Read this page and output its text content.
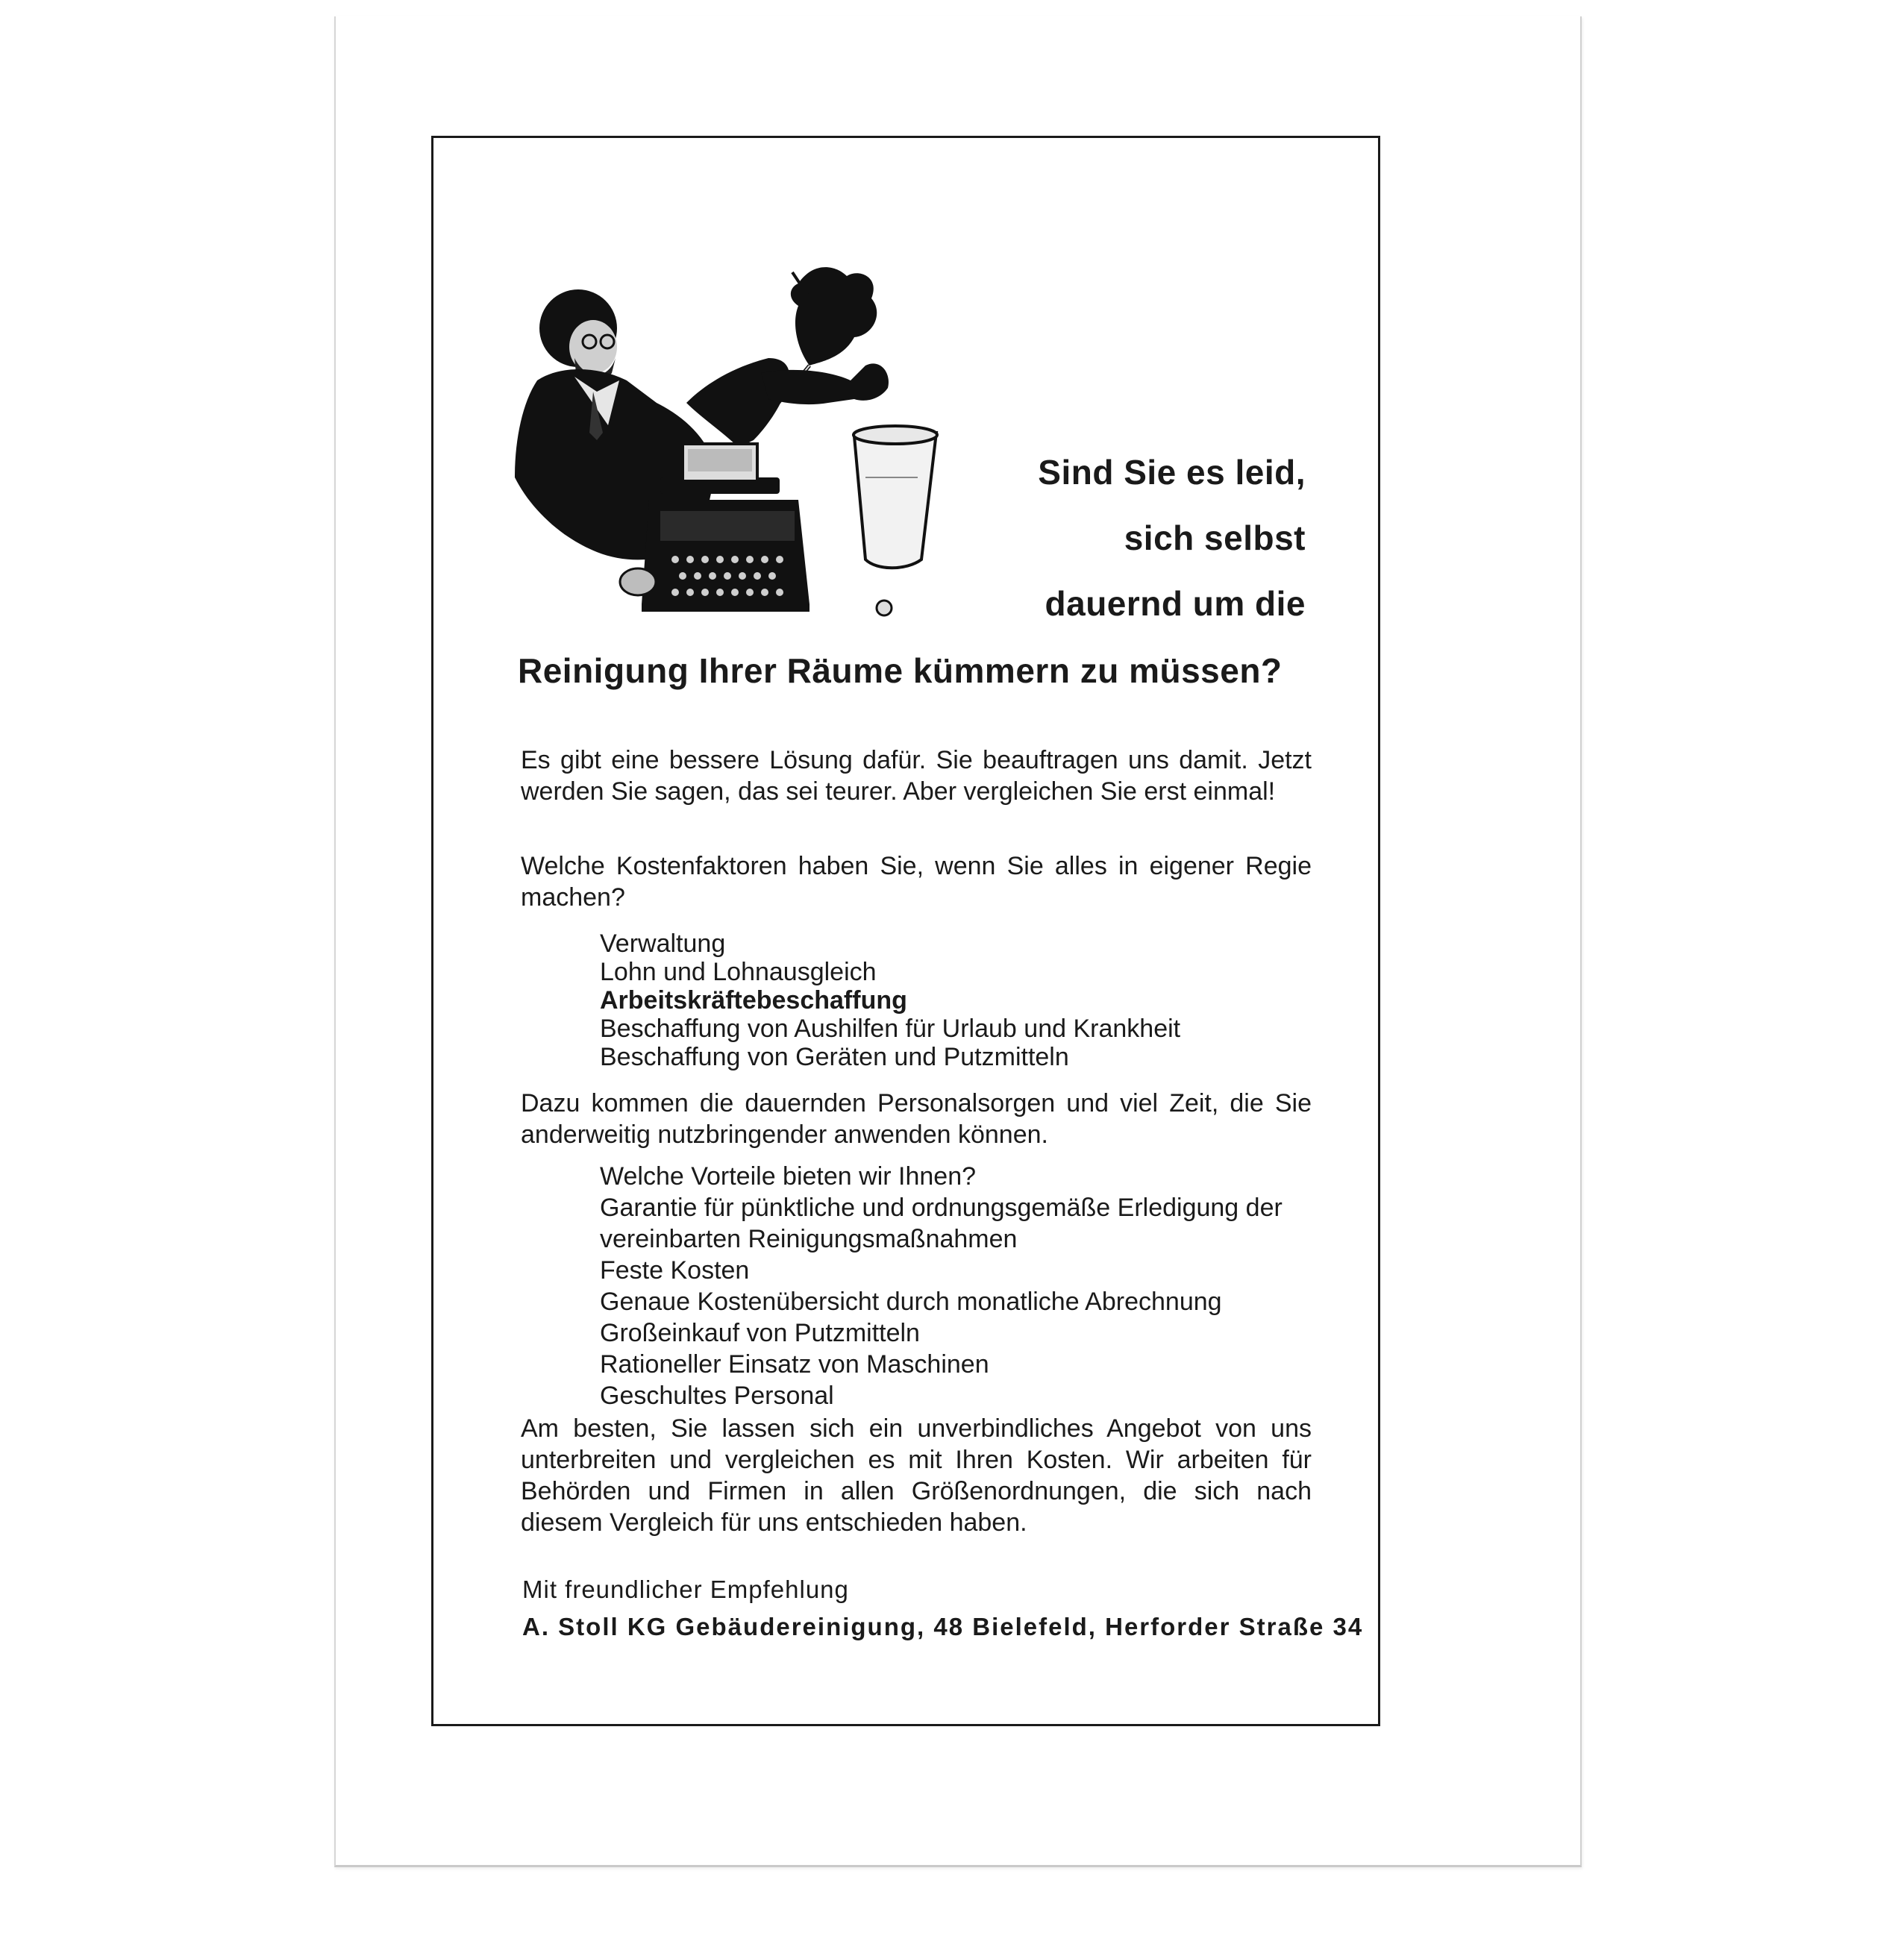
Sind Sie es leid,
sich selbst
dauernd um die
Reinigung Ihrer Räume kümmern zu müssen?

Es gibt eine bessere Lösung dafür. Sie beauftragen uns damit. Jetzt werden Sie sagen, das sei teurer. Aber vergleichen Sie erst einmal!

Welche Kostenfaktoren haben Sie, wenn Sie alles in eigener Regie machen?

Verwaltung
Lohn und Lohnausgleich
Arbeitskräftebeschaffung
Beschaffung von Aushilfen für Urlaub und Krankheit
Beschaffung von Geräten und Putzmitteln

Dazu kommen die dauernden Personalsorgen und viel Zeit, die Sie anderweitig nutzbringender anwenden können.

Welche Vorteile bieten wir Ihnen?
Garantie für pünktliche und ordnungsgemäße Erledigung der
vereinbarten Reinigungsmaßnahmen
Feste Kosten
Genaue Kostenübersicht durch monatliche Abrechnung
Großeinkauf von Putzmitteln
Rationeller Einsatz von Maschinen
Geschultes Personal

Am besten, Sie lassen sich ein unverbindliches Angebot von uns unterbreiten und vergleichen es mit Ihren Kosten. Wir arbeiten für Behörden und Firmen in allen Größenordnungen, die sich nach diesem Vergleich für uns entschieden haben.

Mit freundlicher Empfehlung
A. Stoll KG Gebäudereinigung, 48 Bielefeld, Herforder Straße 34
